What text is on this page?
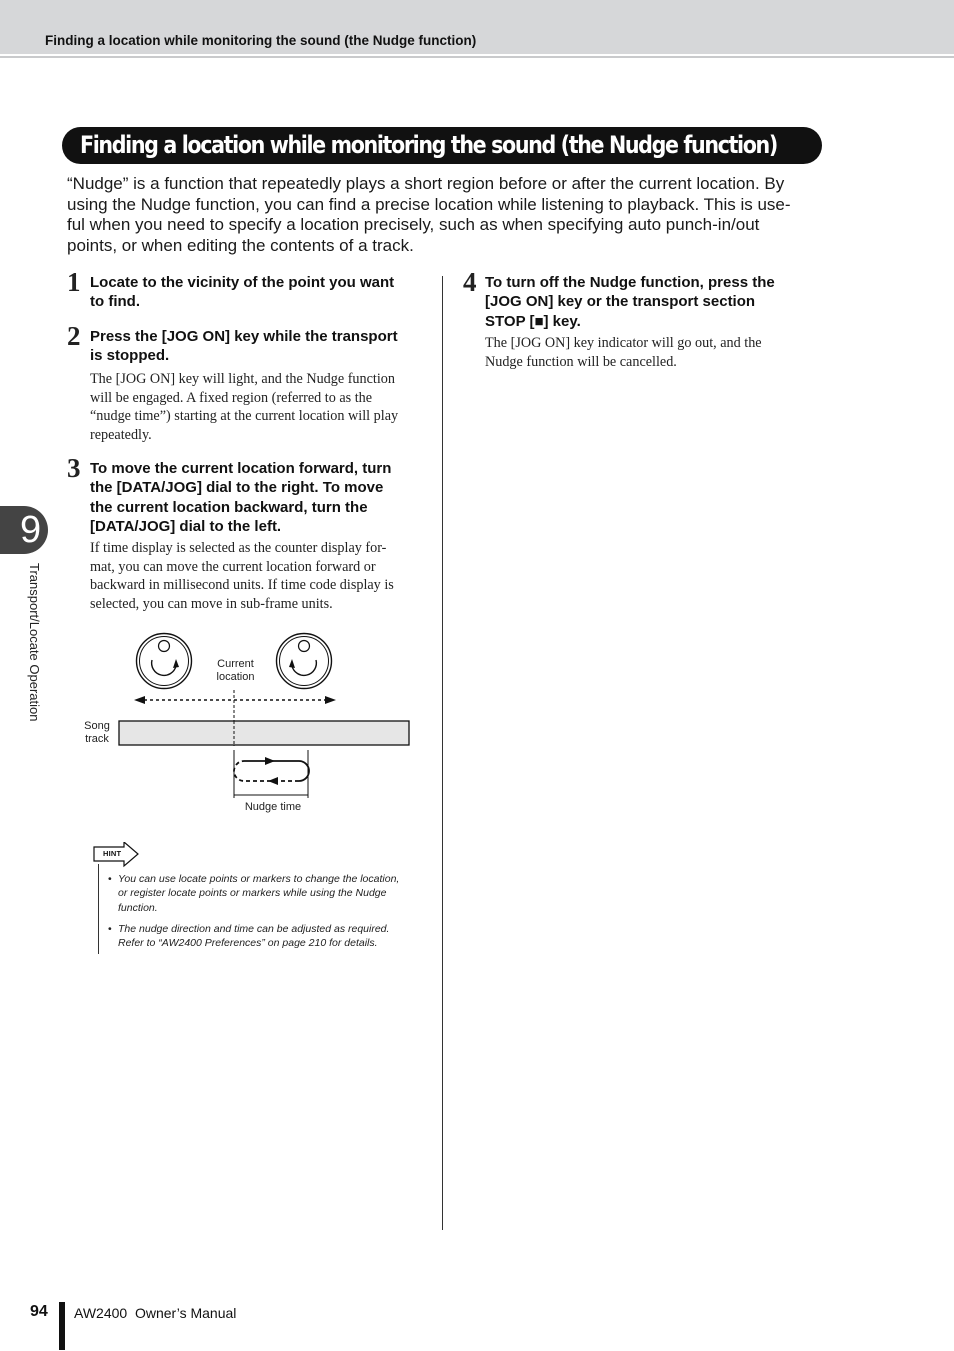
Finding a location while monitoring the sound (the Nudge function)
Finding a location while monitoring the sound (the Nudge function)
“Nudge” is a function that repeatedly plays a short region before or after the current location. By
using the Nudge function, you can find a precise location while listening to playback. This is use-
ful when you need to specify a location precisely, such as when specifying auto punch-in/out
points, or when editing the contents of a track.
1 Locate to the vicinity of the point you want
to find.
2 Press the [JOG ON] key while the transport
is stopped.
The [JOG ON] key will light, and the Nudge function
will be engaged. A fixed region (referred to as the
“nudge time”) starting at the current location will play
repeatedly.
3 To move the current location forward, turn
the [DATA/JOG] dial to the right. To move
the current location backward, turn the
[DATA/JOG] dial to the left.
If time display is selected as the counter display for-
mat, you can move the current location forward or
backward in millisecond units. If time code display is
selected, you can move in sub-frame units.
4 To turn off the Nudge function, press the
[JOG ON] key or the transport section
STOP [■] key.
The [JOG ON] key indicator will go out, and the
Nudge function will be cancelled.
9
Transport/Locate Operation	Current
location
Song
track
Nudge time
HINT
• You can use locate points or markers to change the location,
or register locate points or markers while using the Nudge
function.
• The nudge direction and time can be adjusted as required.
Refer to “AW2400 Preferences” on page 210 for details.
94 AW2400  Owner’s Manual
